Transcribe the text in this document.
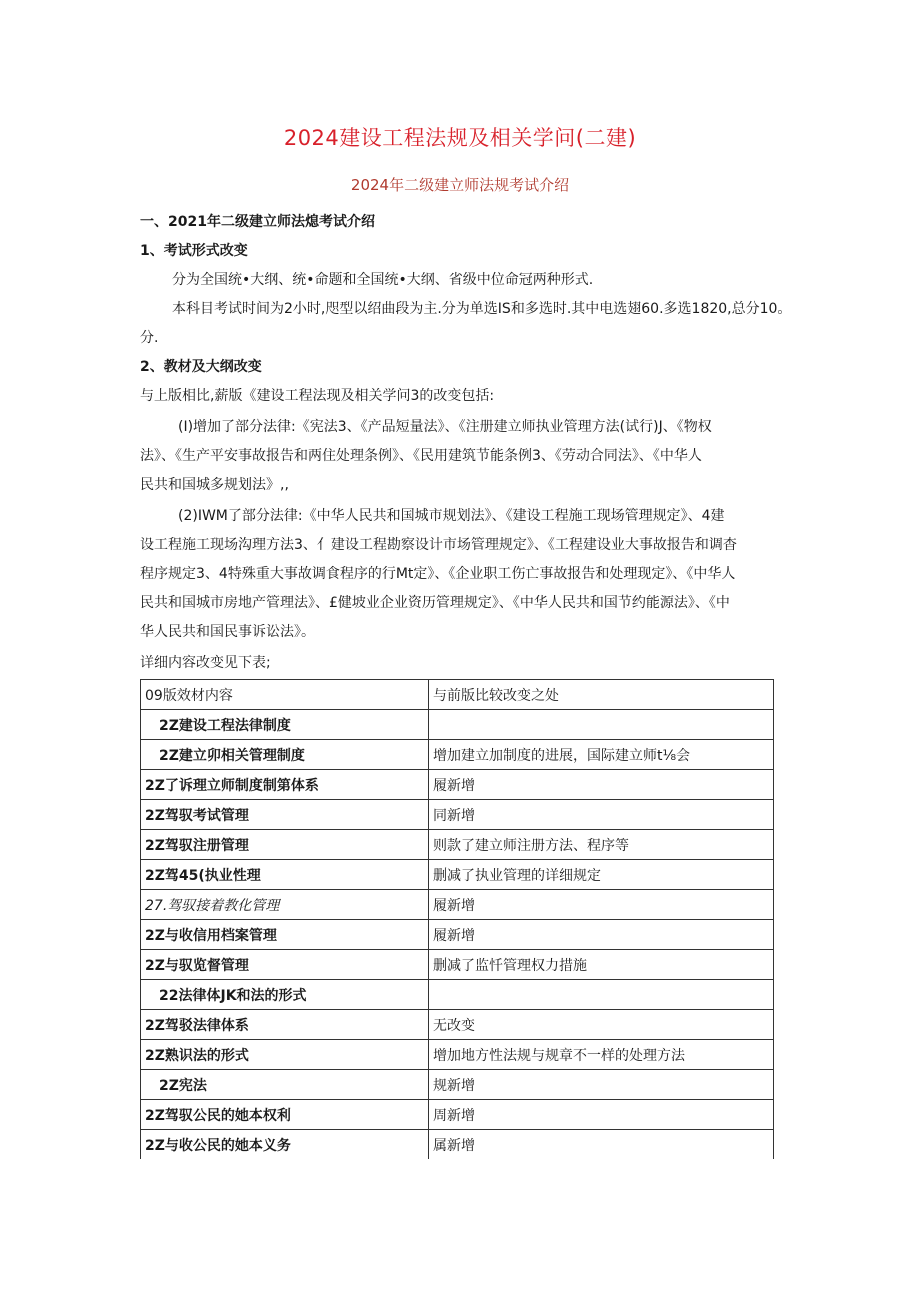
2024建设工程法规及相关学问(二建)
2024年二级建立师法规考试介绍
一、2021年二级建立师法熄考试介绍
1、考试形式改变
分为全国统•大纲、统•命题和全国统•大纲、省级中位命冠两种形式.
本科目考试时间为2小时,咫型以绍曲段为主.分为单选IS和多选时.其中电选翅60.多选1820,总分10。
分.
2、教材及大纲改变
与上版相比,薪版《建设工程法现及相关学问3的改变包括:
(I)增加了部分法律:《宪法3、《产品短量法》、《注册建立师执业管理方法(试行)J、《物权
法》、《生产平安事故报告和两住处理条例》、《民用建筑节能条例3、《劳动合同法》、《中华人
民共和国城多规划法》,,
(2)IWM了部分法律:《中华人民共和国城市规划法》、《建设工程施工现场管理规定》、4建
设工程施工现场沟理方法3、亻建设工程勘察设计市场管理规定》、《工程建设业大事故报告和调杳
程序规定3、4特殊重大事故调食程序的行Mt定》、《企业职工伤亡事故报告和处理现定》、《中华人
民共和国城市房地产管理法》、£健坡业企业资历管理规定》、《中华人民共和国节约能源法》、《中
华人民共和国民事诉讼法》。
详细内容改变见下表;
09版效材内容	与前版比较改变之处
2Z建设工程法律制度	
2Z建立卯相关管理制度	增加建立加制度的进展，国际建立师t⅛会
2Z了诉理立师制度制第体系	履新增
2Z驾驭考试管理	同新增
2Z驾驭注册管理	则款了建立师注册方法、程序等
2Z驾45(执业性理	删减了执业管理的详细规定
27.驾驭接着教化管理	履新增
2Z与收信用档案管理	履新增
2Z与驭览督管理	删减了监忏管理权力措施
22法律体JK和法的形式	
2Z驾驳法律体系	无改变
2Z熟识法的形式	增加地方性法规与规章不一样的处理方法
2Z宪法	规新增
2Z驾驭公民的她本权利	周新增
2Z与收公民的她本义务	属新增
